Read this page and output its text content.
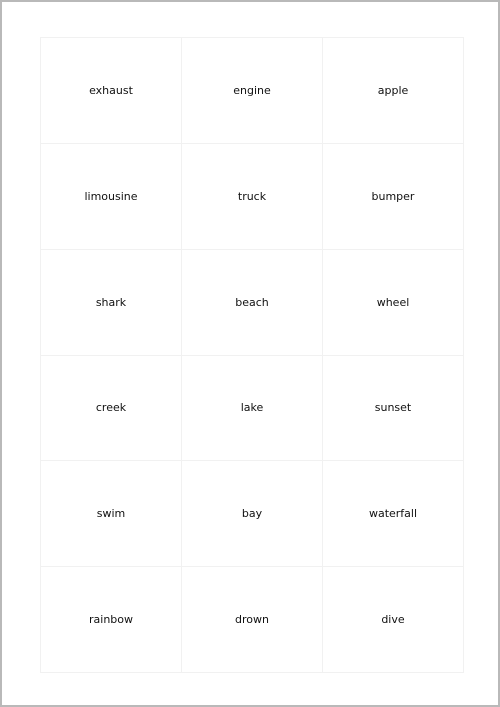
exhaust	engine	apple
limousine	truck	bumper
shark	beach	wheel
creek	lake	sunset
swim	bay	waterfall
rainbow	drown	dive
